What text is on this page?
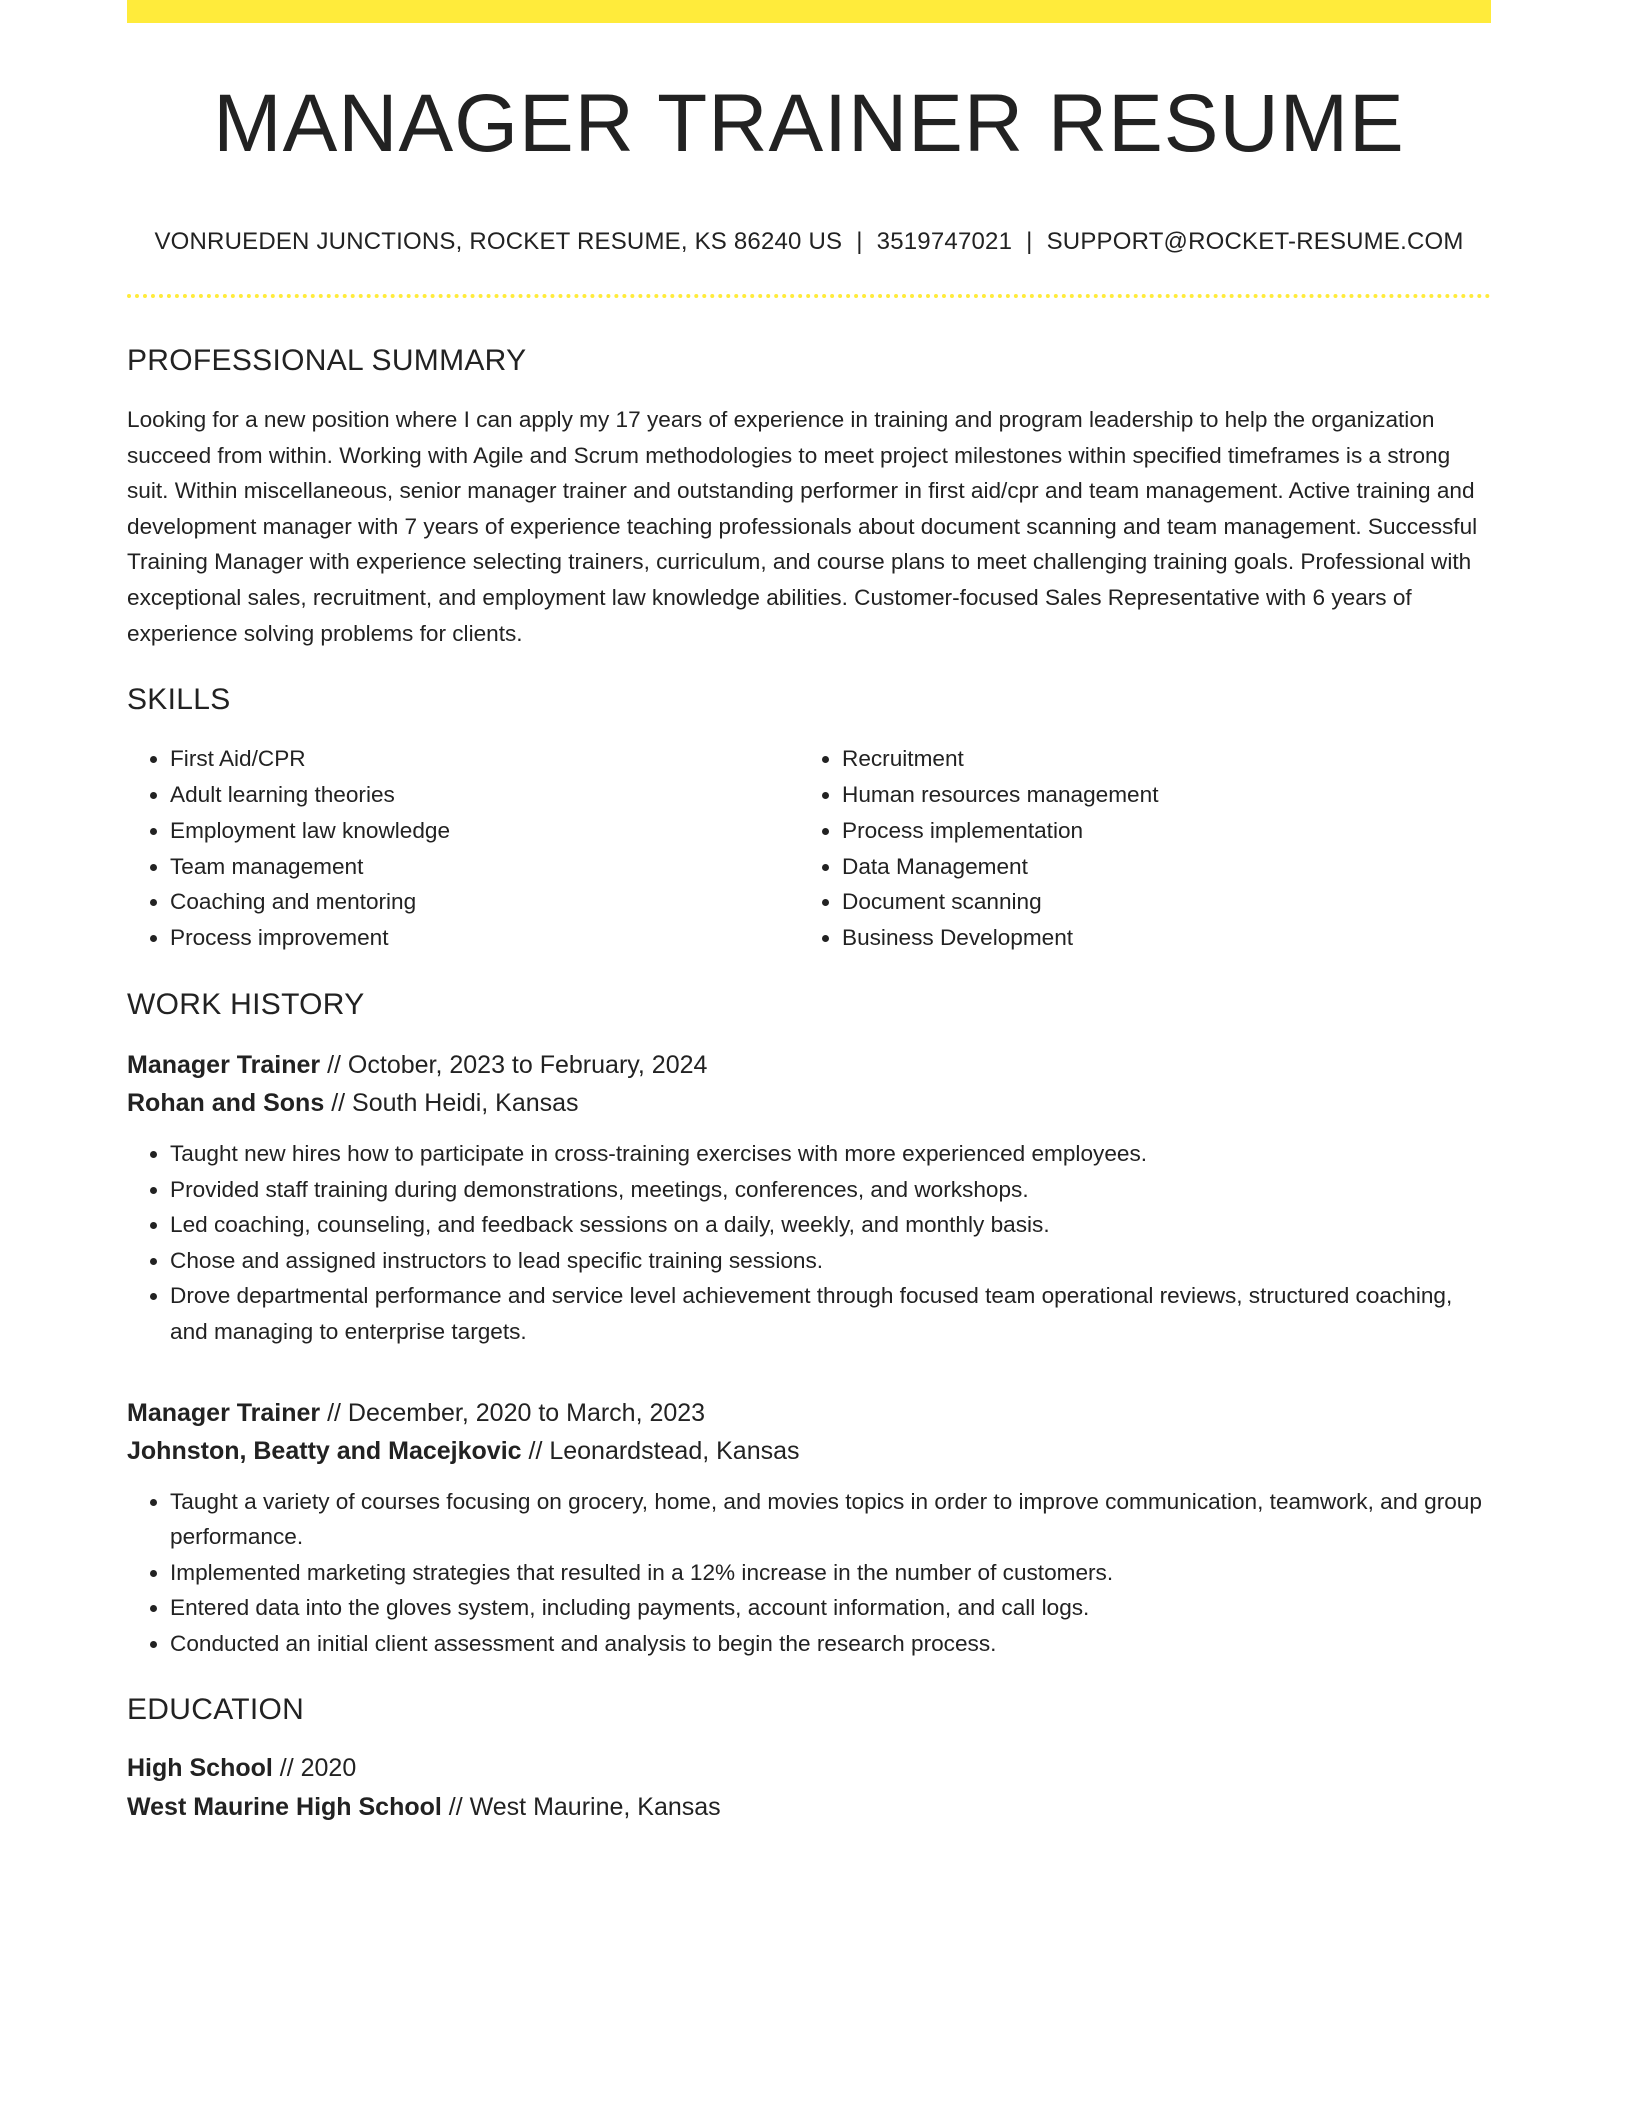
MANAGER TRAINER RESUME
VONRUEDEN JUNCTIONS, ROCKET RESUME, KS 86240 US | 3519747021 | SUPPORT@ROCKET-RESUME.COM
PROFESSIONAL SUMMARY
Looking for a new position where I can apply my 17 years of experience in training and program leadership to help the organization succeed from within. Working with Agile and Scrum methodologies to meet project milestones within specified timeframes is a strong suit. Within miscellaneous, senior manager trainer and outstanding performer in first aid/cpr and team management. Active training and development manager with 7 years of experience teaching professionals about document scanning and team management. Successful Training Manager with experience selecting trainers, curriculum, and course plans to meet challenging training goals. Professional with exceptional sales, recruitment, and employment law knowledge abilities. Customer-focused Sales Representative with 6 years of experience solving problems for clients.
SKILLS
• First Aid/CPR
• Adult learning theories
• Employment law knowledge
• Team management
• Coaching and mentoring
• Process improvement
• Recruitment
• Human resources management
• Process implementation
• Data Management
• Document scanning
• Business Development
WORK HISTORY
Manager Trainer // October, 2023 to February, 2024
Rohan and Sons // South Heidi, Kansas
• Taught new hires how to participate in cross-training exercises with more experienced employees.
• Provided staff training during demonstrations, meetings, conferences, and workshops.
• Led coaching, counseling, and feedback sessions on a daily, weekly, and monthly basis.
• Chose and assigned instructors to lead specific training sessions.
• Drove departmental performance and service level achievement through focused team operational reviews, structured coaching, and managing to enterprise targets.
Manager Trainer // December, 2020 to March, 2023
Johnston, Beatty and Macejkovic // Leonardstead, Kansas
• Taught a variety of courses focusing on grocery, home, and movies topics in order to improve communication, teamwork, and group performance.
• Implemented marketing strategies that resulted in a 12% increase in the number of customers.
• Entered data into the gloves system, including payments, account information, and call logs.
• Conducted an initial client assessment and analysis to begin the research process.
EDUCATION
High School // 2020
West Maurine High School // West Maurine, Kansas
